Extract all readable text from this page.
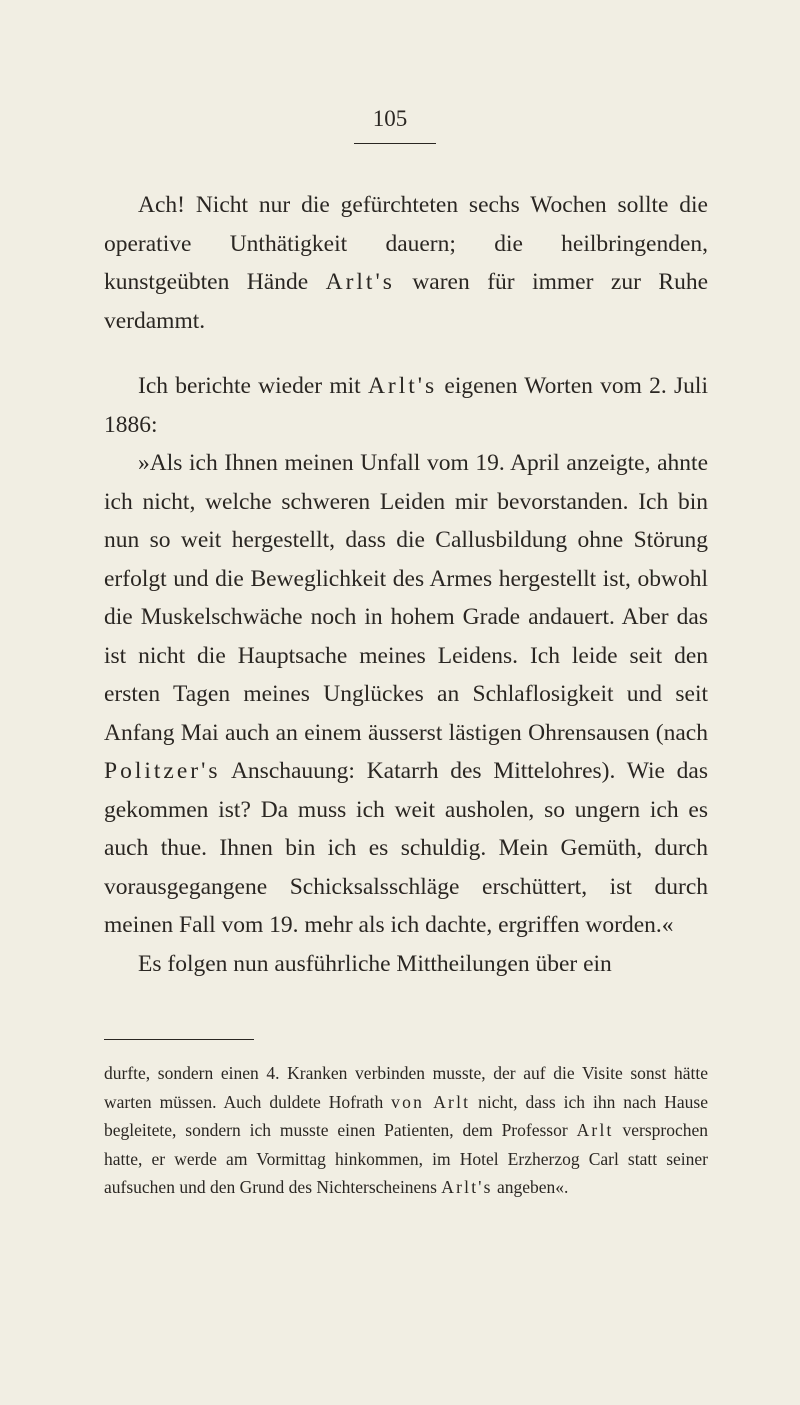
105

Ach! Nicht nur die gefürchteten sechs Wochen sollte die operative Unthätigkeit dauern; die heilbringenden, kunstgeübten Hände Arlt's waren für immer zur Ruhe verdammt.

Ich berichte wieder mit Arlt's eigenen Worten vom 2. Juli 1886:

»Als ich Ihnen meinen Unfall vom 19. April anzeigte, ahnte ich nicht, welche schweren Leiden mir bevorstanden. Ich bin nun so weit hergestellt, dass die Callusbildung ohne Störung erfolgt und die Beweglichkeit des Armes hergestellt ist, obwohl die Muskelschwäche noch in hohem Grade andauert. Aber das ist nicht die Hauptsache meines Leidens. Ich leide seit den ersten Tagen meines Unglückes an Schlaflosigkeit und seit Anfang Mai auch an einem äusserst lästigen Ohrensausen (nach Politzer's Anschauung: Katarrh des Mittelohres). Wie das gekommen ist? Da muss ich weit ausholen, so ungern ich es auch thue. Ihnen bin ich es schuldig. Mein Gemüth, durch vorausgegangene Schicksalsschläge erschüttert, ist durch meinen Fall vom 19. mehr als ich dachte, ergriffen worden.«

Es folgen nun ausführliche Mittheilungen über ein

durfte, sondern einen 4. Kranken verbinden musste, der auf die Visite sonst hätte warten müssen. Auch duldete Hofrath von Arlt nicht, dass ich ihn nach Hause begleitete, sondern ich musste einen Patienten, dem Professor Arlt versprochen hatte, er werde am Vormittag hinkommen, im Hotel Erzherzog Carl statt seiner aufsuchen und den Grund des Nichterscheinens Arlt's angeben«.
